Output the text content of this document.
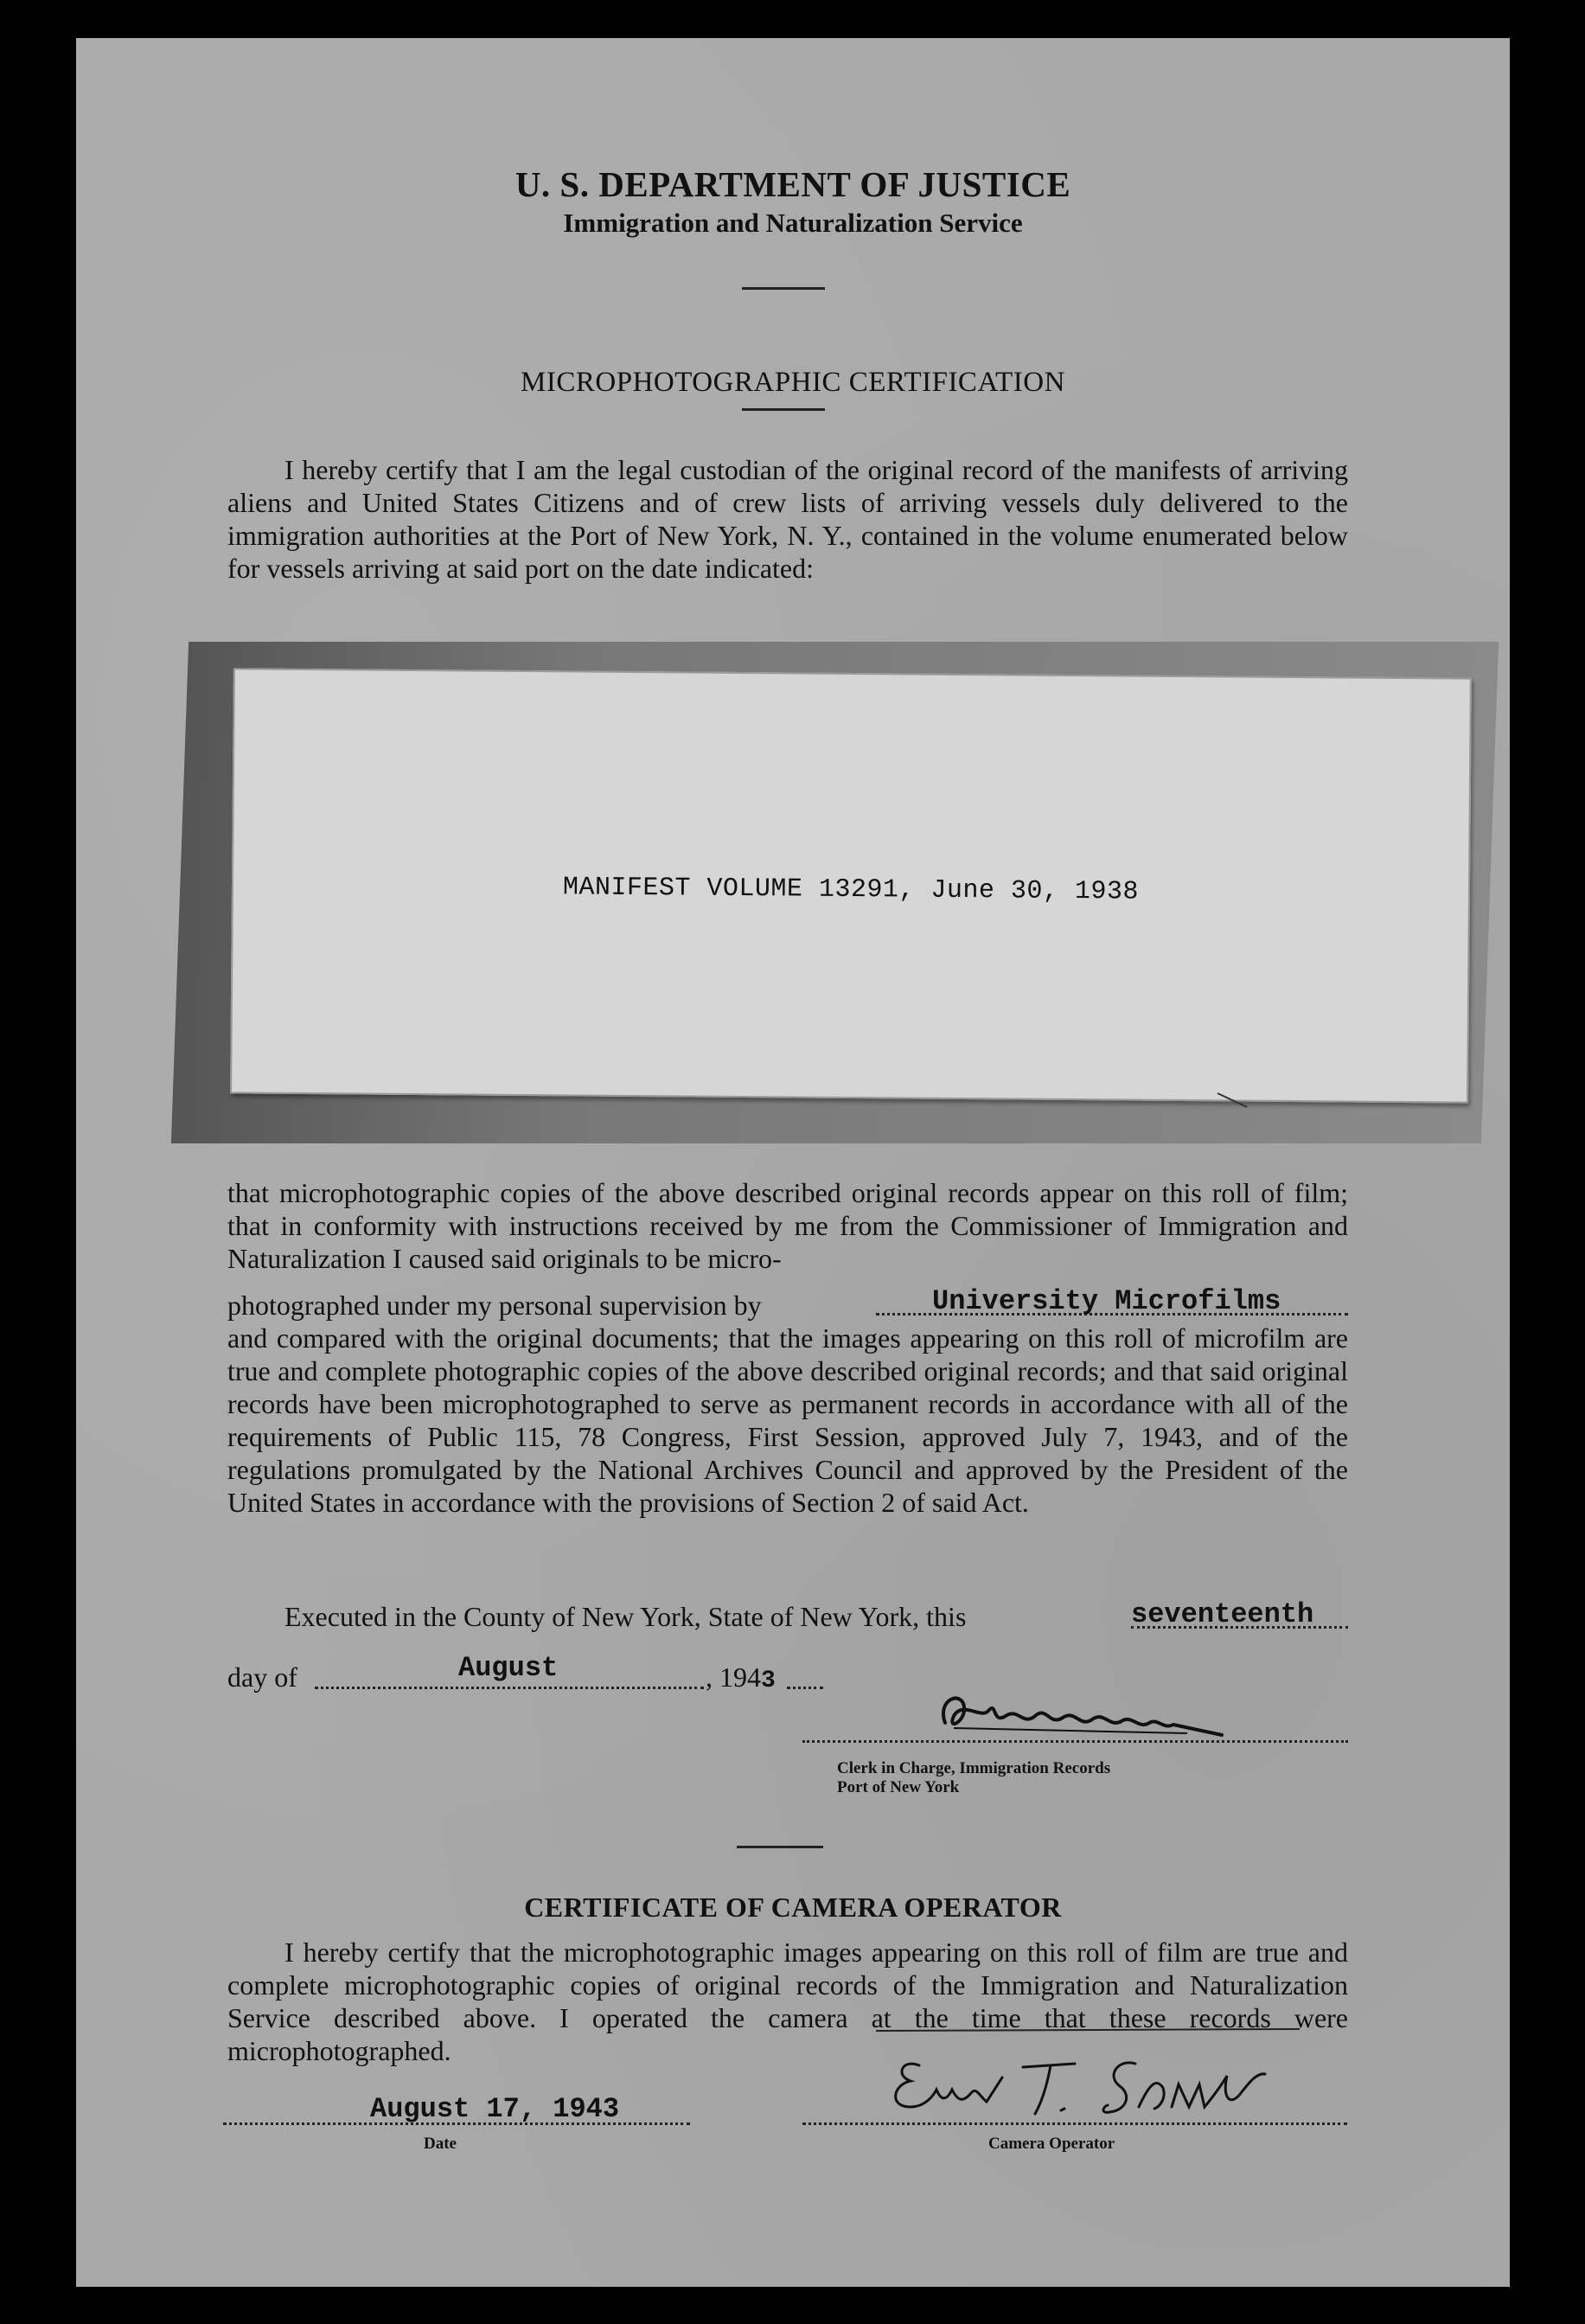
U. S. DEPARTMENT OF JUSTICE
Immigration and Naturalization Service
MICROPHOTOGRAPHIC CERTIFICATION

I hereby certify that I am the legal custodian of the original record of the manifests of arriving aliens and United States Citizens and of crew lists of arriving vessels duly delivered to the immigration authorities at the Port of New York, N. Y., contained in the volume enumerated below for vessels arriving at said port on the date indicated:

MANIFEST VOLUME 13291, June 30, 1938

that microphotographic copies of the above described original records appear on this roll of film; that in conformity with instructions received by me from the Commissioner of Immigration and Naturalization I caused said originals to be micro-

photographed under my personal supervision by	University Microfilms

and compared with the original documents; that the images appearing on this roll of microfilm are true and complete photographic copies of the above described original records; and that said original records have been microphotographed to serve as permanent records in accordance with all of the requirements of Public 115, 78 Congress, First Session, approved July 7, 1943, and of the regulations promulgated by the National Archives Council and approved by the President of the United States in accordance with the provisions of Section 2 of said Act.

Executed in the County of New York, State of New York, this	seventeenth
day of	August	, 1943
Clerk in Charge, Immigration Records
Port of New York
CERTIFICATE OF CAMERA OPERATOR

I hereby certify that the microphotographic images appearing on this roll of film are true and complete microphotographic copies of original records of the Immigration and Naturalization Service described above. I operated the camera at the time that these records were microphotographed.

August 17, 1943
Date	Camera Operator
